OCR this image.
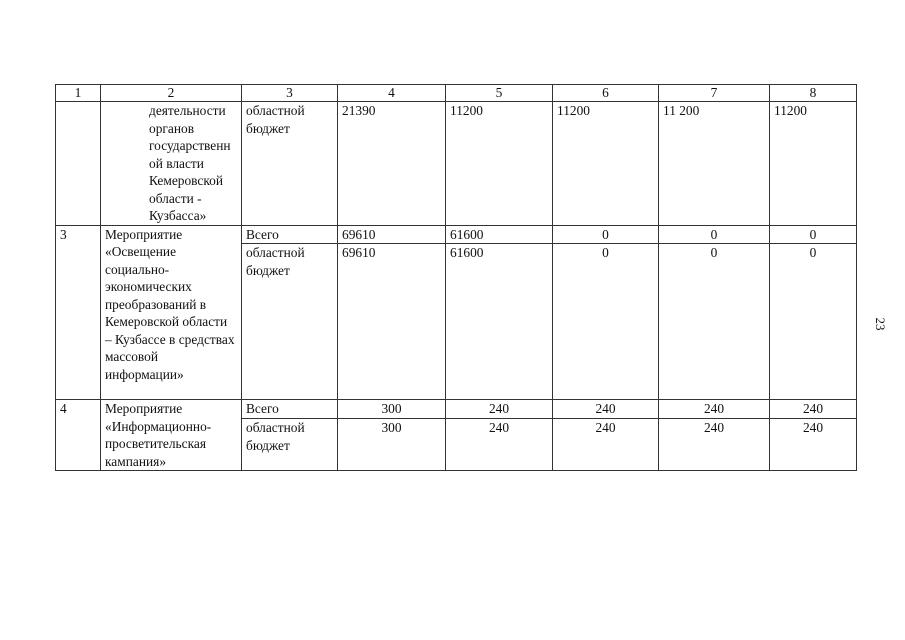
1	2	3	4	5	6	7	8
	деятельности органов государственной власти Кемеровской области - Кузбасса»	областной бюджет	21390	11200	11200	11 200	11200
3	Мероприятие «Освещение социально-экономических преобразований в Кемеровской области – Кузбассе в средствах массовой информации»	Всего	69610	61600	0	0	0
		областной бюджет	69610	61600	0	0	0
4	Мероприятие «Информационно-просветительская кампания»	Всего	300	240	240	240	240
		областной бюджет	300	240	240	240	240
23
